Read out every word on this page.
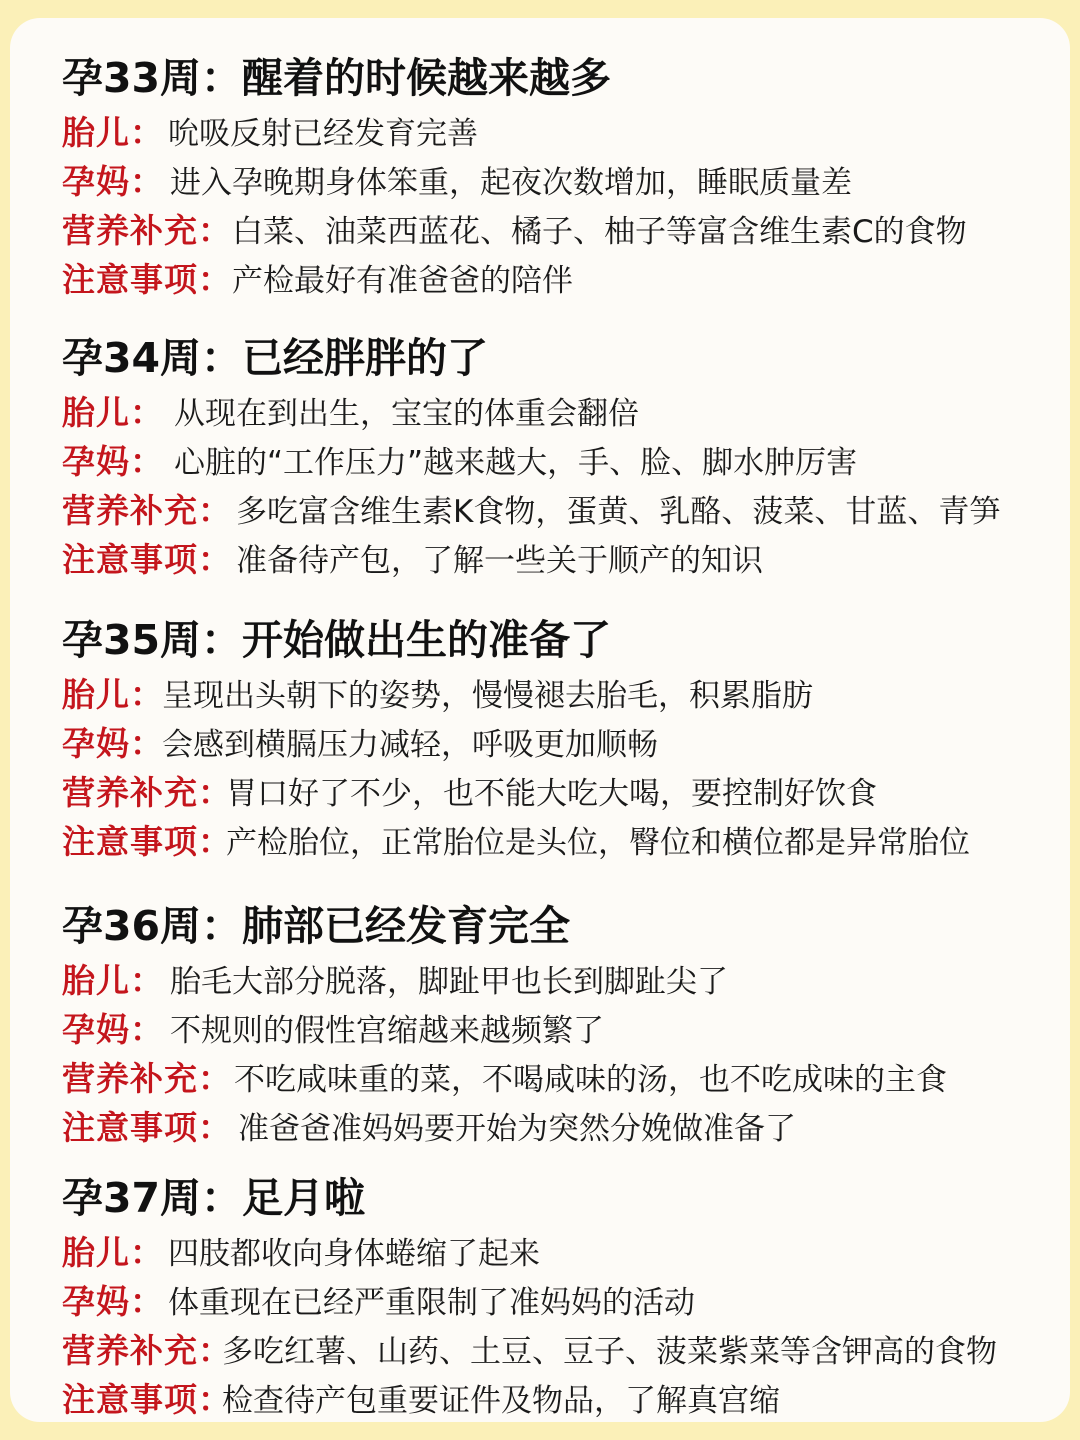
孕33周：醒着的时候越来越多
胎儿： 吮吸反射已经发育完善
孕妈： 进入孕晚期身体笨重，起夜次数增加，睡眠质量差
营养补充：白菜、油菜西蓝花、橘子、柚子等富含维生素C的食物
注意事项：产检最好有准爸爸的陪伴
孕34周：已经胖胖的了
胎儿： 从现在到出生，宝宝的体重会翻倍
孕妈： 心脏的“工作压力”越来越大，手、脸、脚水肿厉害
营养补充： 多吃富含维生素K食物，蛋黄、乳酪、菠菜、甘蓝、青笋
注意事项： 准备待产包，了解一些关于顺产的知识
孕35周：开始做出生的准备了
胎儿：呈现出头朝下的姿势，慢慢褪去胎毛，积累脂肪
孕妈：会感到横膈压力减轻，呼吸更加顺畅
营养补充：胃口好了不少，也不能大吃大喝，要控制好饮食
注意事项：产检胎位，正常胎位是头位，臀位和横位都是异常胎位
孕36周：肺部已经发育完全
胎儿： 胎毛大部分脱落，脚趾甲也长到脚趾尖了
孕妈： 不规则的假性宫缩越来越频繁了
营养补充：不吃咸味重的菜，不喝咸味的汤，也不吃成味的主食
注意事项： 准爸爸准妈妈要开始为突然分娩做准备了
孕37周：足月啦
胎儿： 四肢都收向身体蜷缩了起来
孕妈： 体重现在已经严重限制了准妈妈的活动
营养补充：多吃红薯、山药、土豆、豆子、菠菜紫菜等含钾高的食物
注意事项：检查待产包重要证件及物品，了解真宫缩
